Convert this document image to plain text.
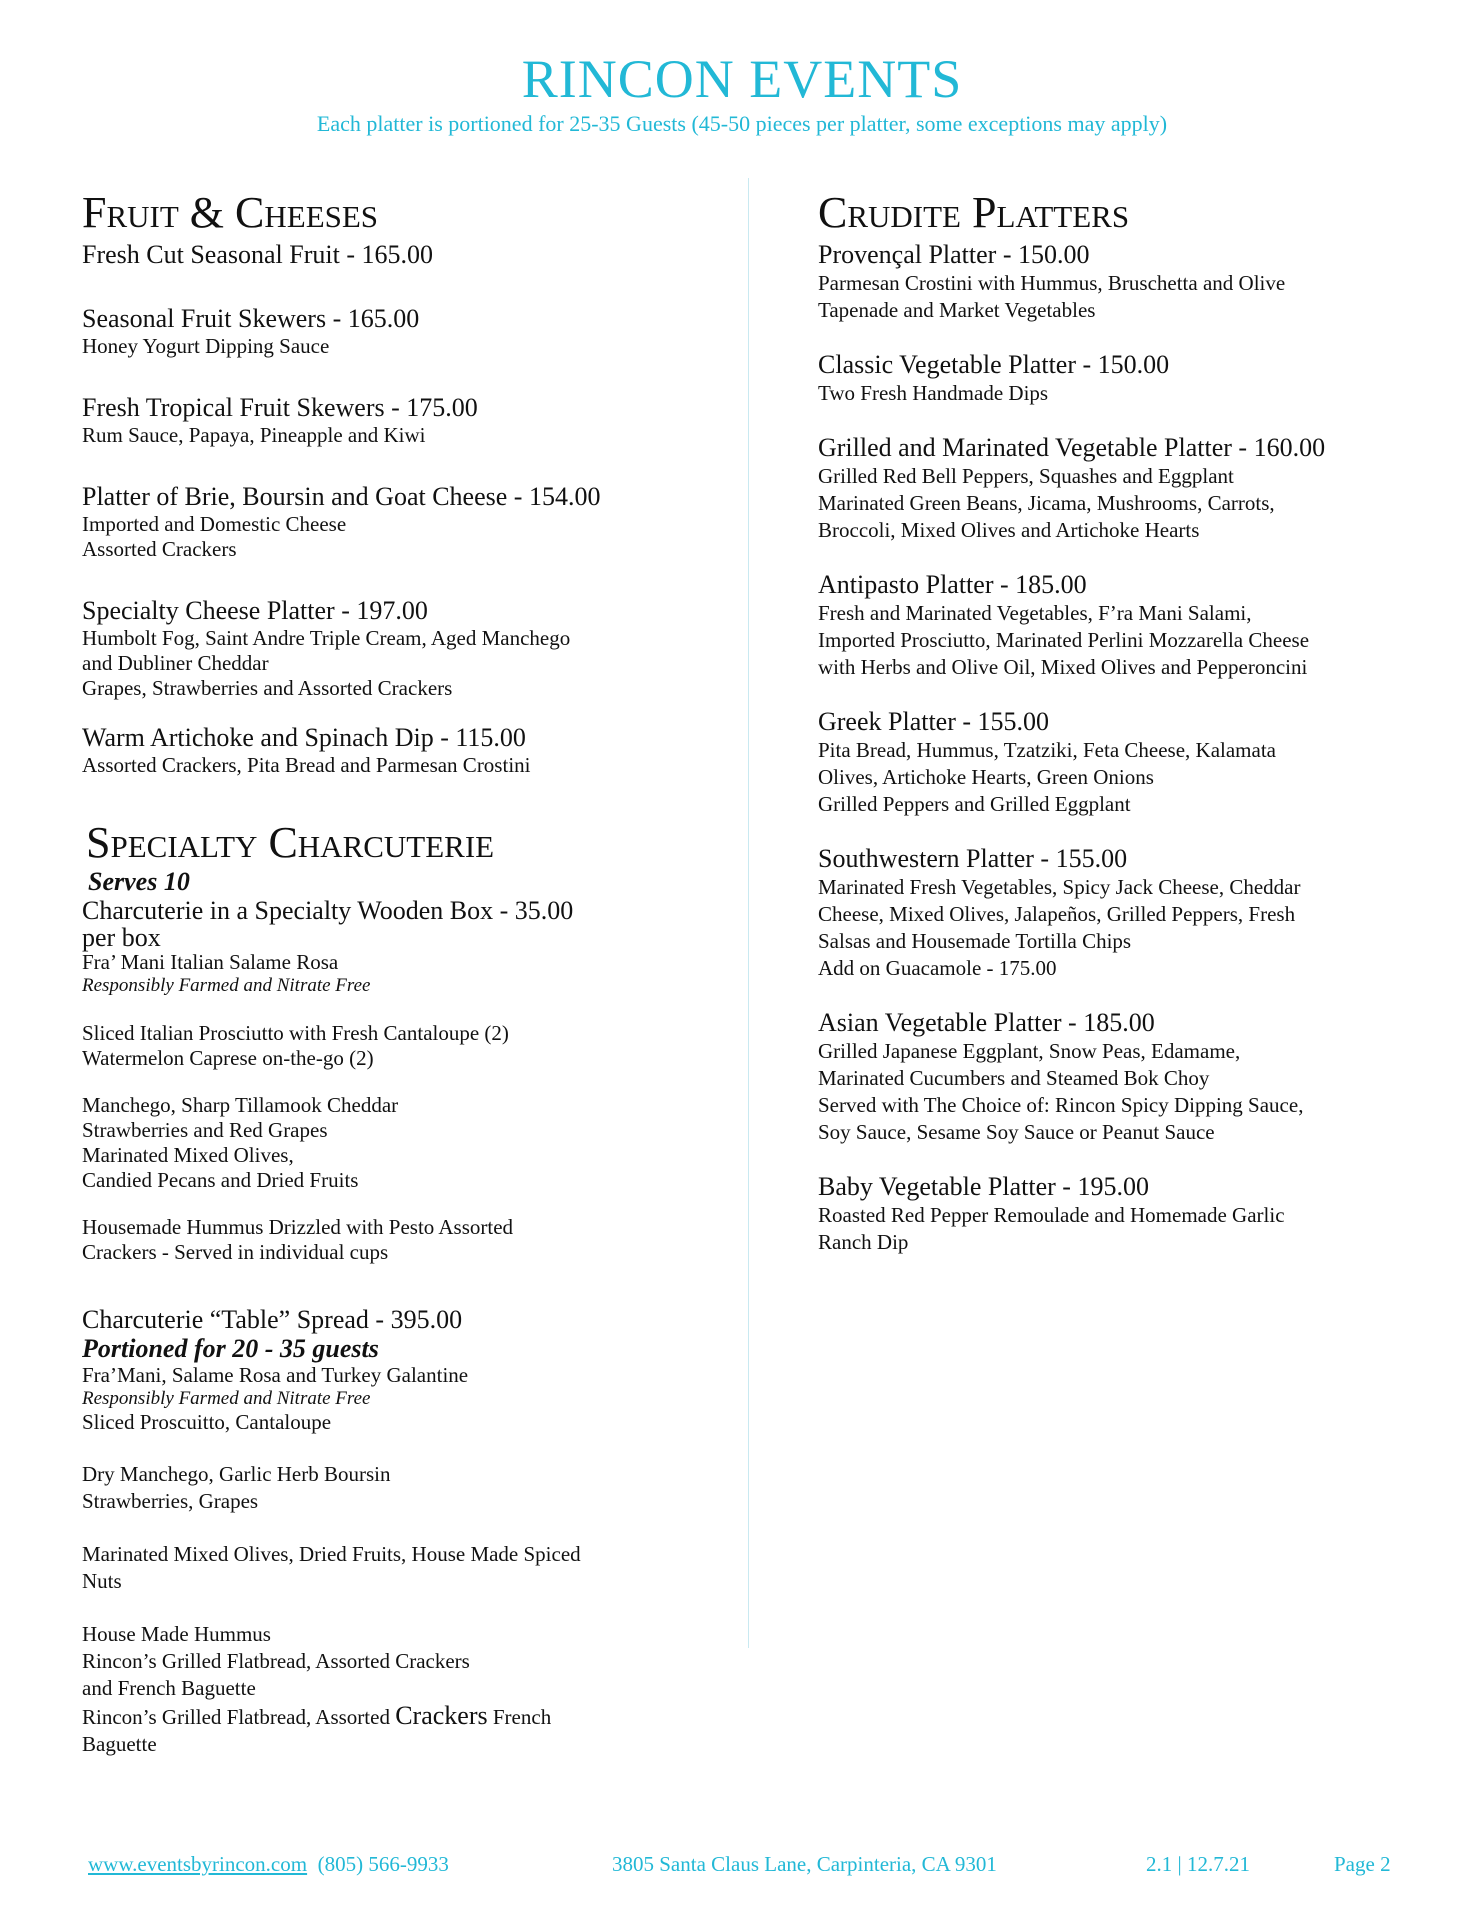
RINCON EVENTS
Each platter is portioned for 25-35 Guests (45-50 pieces per platter, some exceptions may apply)
Fruit & Cheeses
Fresh Cut Seasonal Fruit - 165.00
Seasonal Fruit Skewers - 165.00
Honey Yogurt Dipping Sauce
Fresh Tropical Fruit Skewers - 175.00
Rum Sauce, Papaya, Pineapple and Kiwi
Platter of Brie, Boursin and Goat Cheese - 154.00
Imported and Domestic Cheese
Assorted Crackers
Specialty Cheese Platter - 197.00
Humbolt Fog, Saint Andre Triple Cream, Aged Manchego
and Dubliner Cheddar
Grapes, Strawberries and Assorted Crackers
Warm Artichoke and Spinach Dip - 115.00
Assorted Crackers, Pita Bread and Parmesan Crostini
Specialty Charcuterie
Serves 10
Charcuterie in a Specialty Wooden Box - 35.00
per box
Fra’ Mani Italian Salame Rosa
Responsibly Farmed and Nitrate Free
Sliced Italian Prosciutto with Fresh Cantaloupe (2)
Watermelon Caprese on-the-go (2)
Manchego, Sharp Tillamook Cheddar
Strawberries and Red Grapes
Marinated Mixed Olives,
Candied Pecans and Dried Fruits
Housemade Hummus Drizzled with Pesto Assorted
Crackers - Served in individual cups
Charcuterie “Table” Spread - 395.00
Portioned for 20 - 35 guests
Fra’Mani, Salame Rosa and Turkey Galantine
Responsibly Farmed and Nitrate Free
Sliced Proscuitto, Cantaloupe
Dry Manchego, Garlic Herb Boursin
Strawberries, Grapes
Marinated Mixed Olives, Dried Fruits, House Made Spiced
Nuts
House Made Hummus
Rincon’s Grilled Flatbread, Assorted Crackers
and French Baguette
Rincon’s Grilled Flatbread, Assorted Crackers French
Baguette
Crudite Platters
Provençal Platter - 150.00
Parmesan Crostini with Hummus, Bruschetta and Olive
Tapenade and Market Vegetables
Classic Vegetable Platter - 150.00
Two Fresh Handmade Dips
Grilled and Marinated Vegetable Platter - 160.00
Grilled Red Bell Peppers, Squashes and Eggplant
Marinated Green Beans, Jicama, Mushrooms, Carrots,
Broccoli, Mixed Olives and Artichoke Hearts
Antipasto Platter - 185.00
Fresh and Marinated Vegetables, F’ra Mani Salami,
Imported Prosciutto, Marinated Perlini Mozzarella Cheese
with Herbs and Olive Oil, Mixed Olives and Pepperoncini
Greek Platter - 155.00
Pita Bread, Hummus, Tzatziki, Feta Cheese, Kalamata
Olives, Artichoke Hearts, Green Onions
Grilled Peppers and Grilled Eggplant
Southwestern Platter - 155.00
Marinated Fresh Vegetables, Spicy Jack Cheese, Cheddar
Cheese, Mixed Olives, Jalapeños, Grilled Peppers, Fresh
Salsas and Housemade Tortilla Chips
Add on Guacamole - 175.00
Asian Vegetable Platter - 185.00
Grilled Japanese Eggplant, Snow Peas, Edamame,
Marinated Cucumbers and Steamed Bok Choy
Served with The Choice of: Rincon Spicy Dipping Sauce,
Soy Sauce, Sesame Soy Sauce or Peanut Sauce
Baby Vegetable Platter - 195.00
Roasted Red Pepper Remoulade and Homemade Garlic
Ranch Dip
www.eventsbyrincon.com (805) 566-9933	3805 Santa Claus Lane, Carpinteria, CA 9301	2.1 | 12.7.21	Page 2
